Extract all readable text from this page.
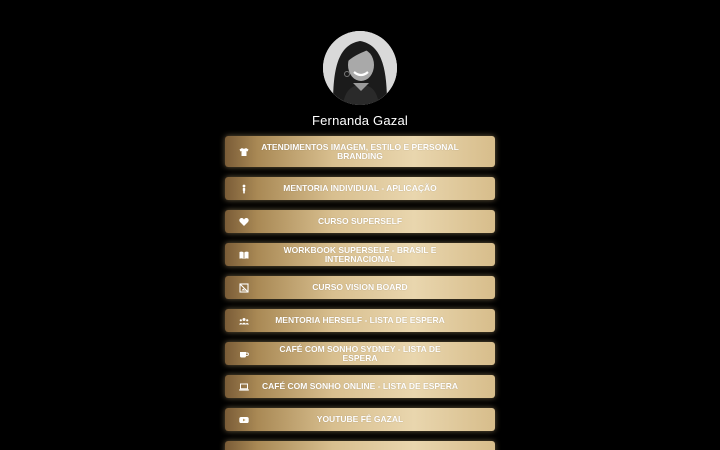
Fernanda Gazal
ATENDIMENTOS IMAGEM, ESTILO E PERSONAL BRANDING
MENTORIA INDIVIDUAL - APLICAÇÃO
CURSO SUPERSELF
WORKBOOK SUPERSELF - BRASIL E INTERNACIONAL
CURSO VISION BOARD
MENTORIA HERSELF - LISTA DE ESPERA
CAFÉ COM SONHO SYDNEY - LISTA DE ESPERA
CAFÉ COM SONHO ONLINE - LISTA DE ESPERA
YOUTUBE FÊ GAZAL
